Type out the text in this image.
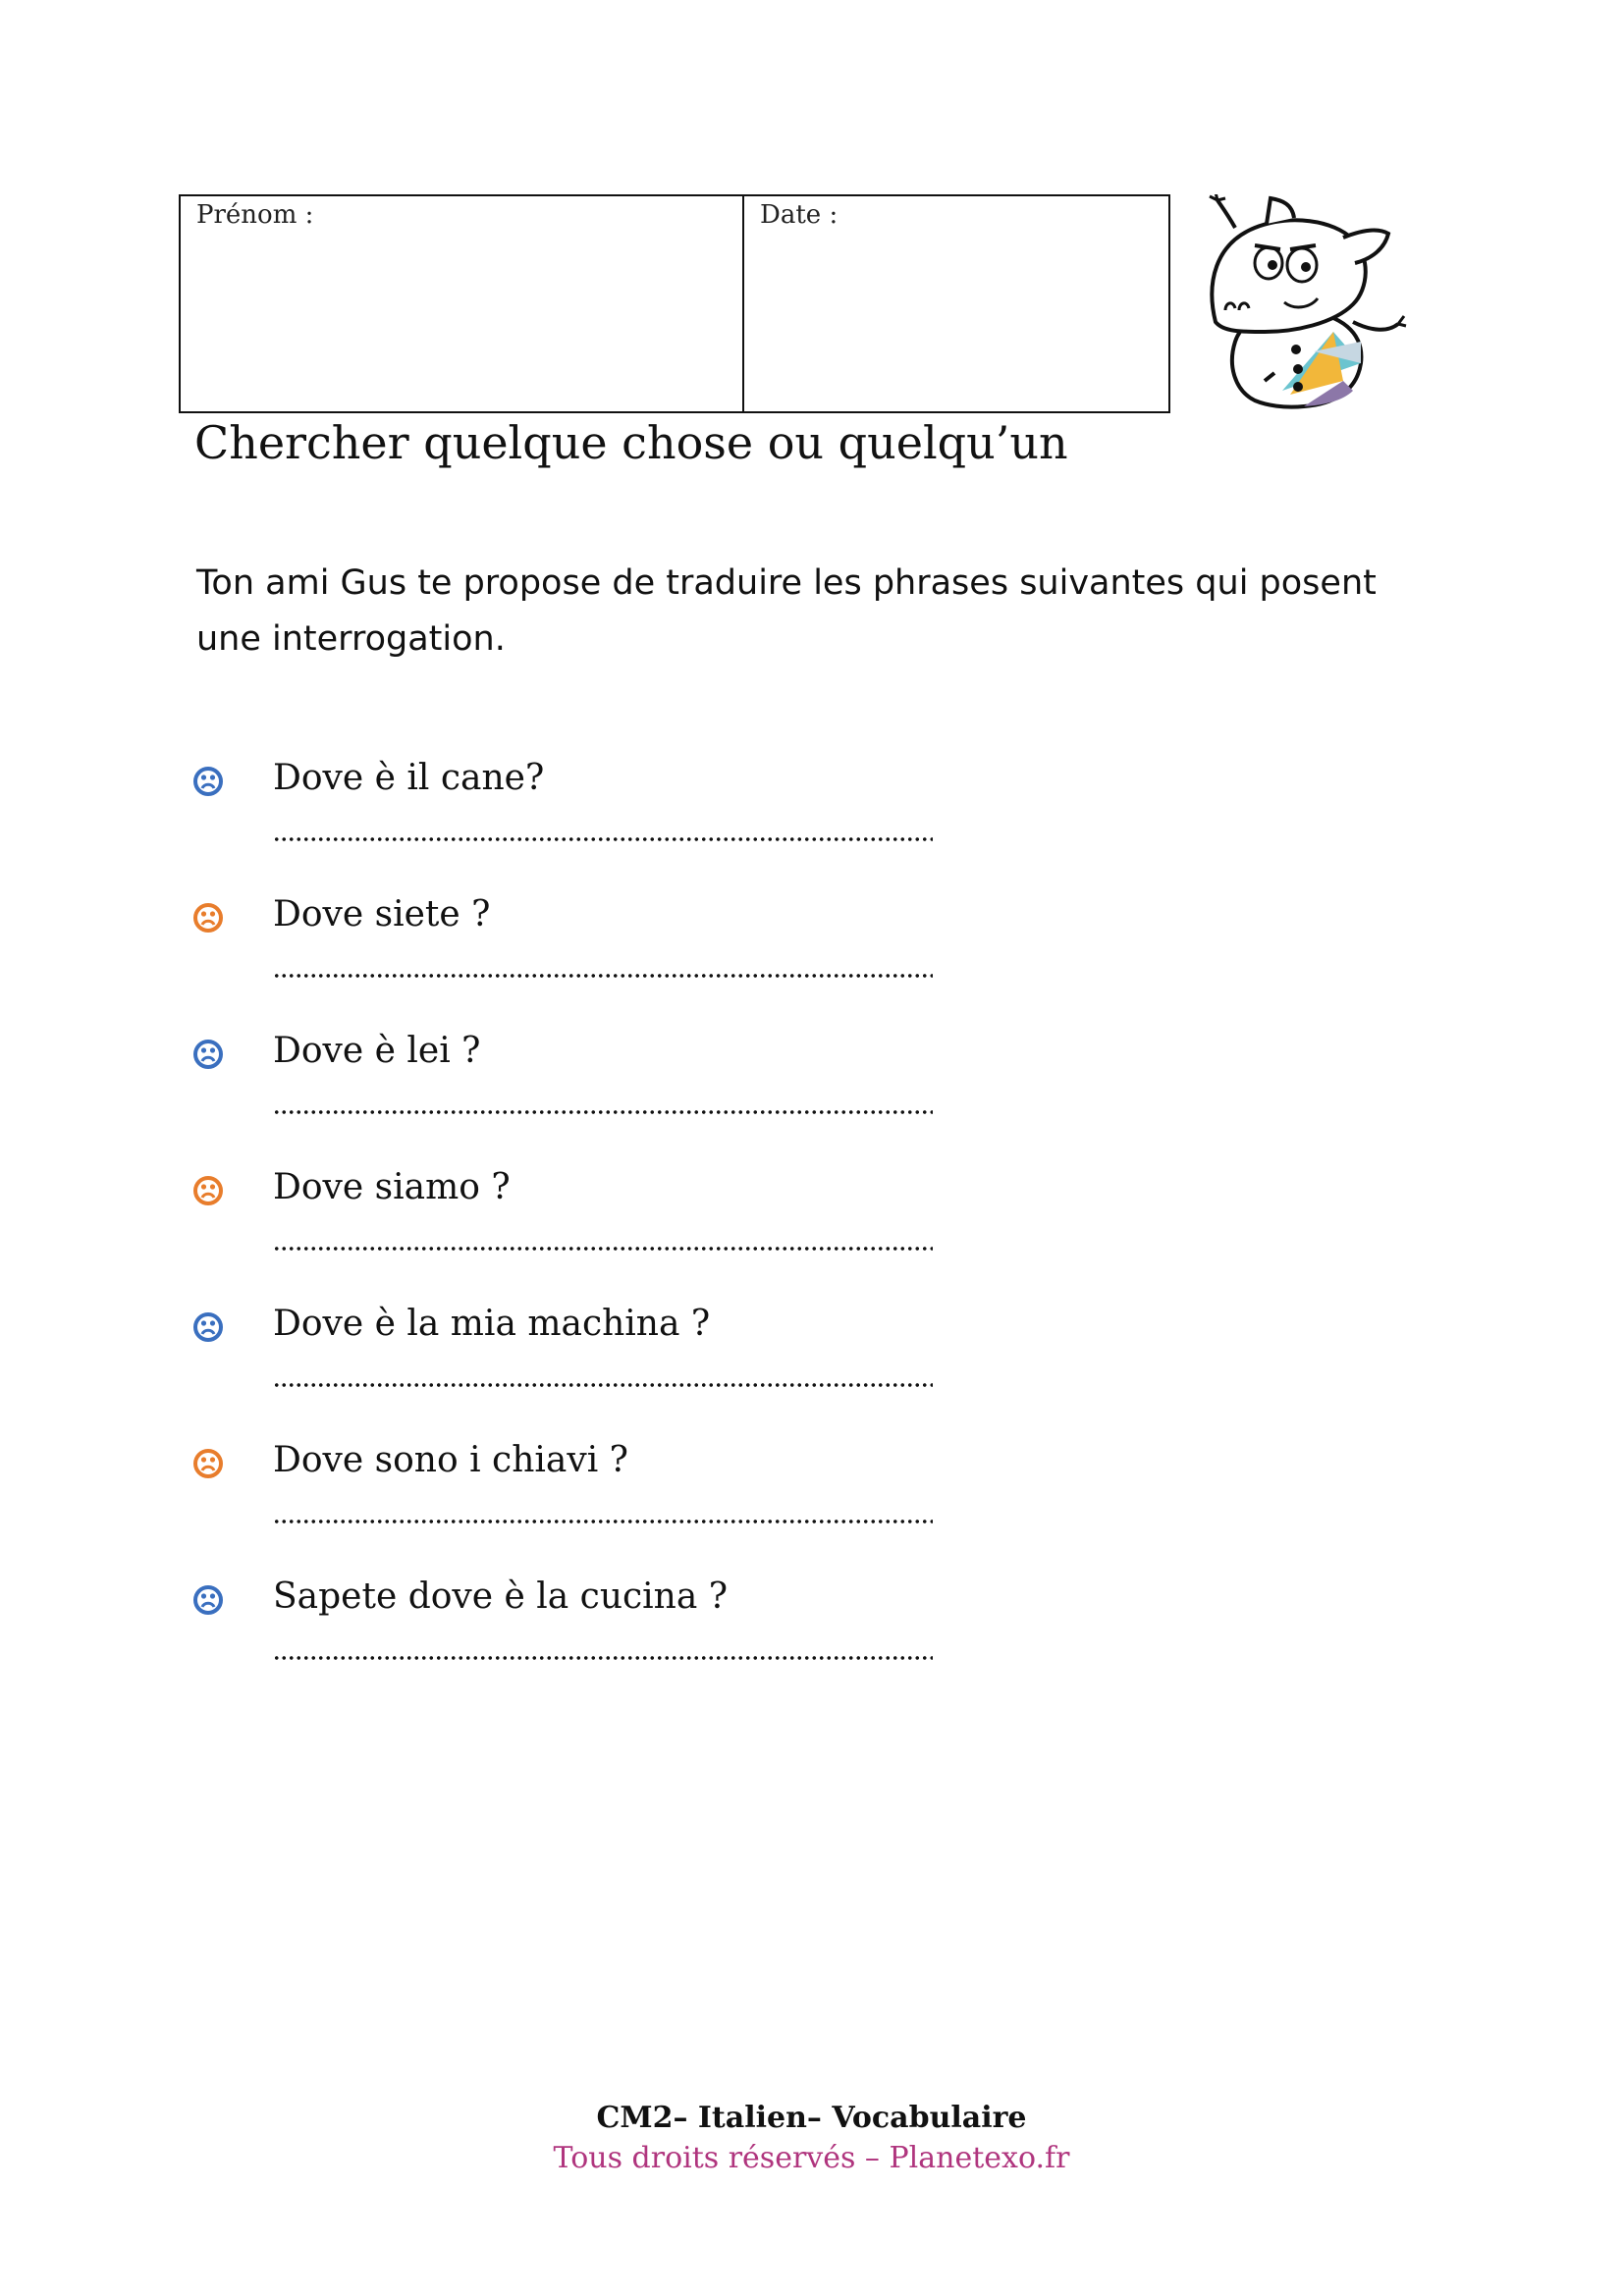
Prénom :	Date :
Chercher quelque chose ou quelqu’un
Ton ami Gus te propose de traduire les phrases suivantes qui posent une interrogation.
Dove è il cane?
Dove siete ?
Dove è lei ?
Dove siamo ?
Dove è la mia machina ?
Dove sono i chiavi ?
Sapete dove è la cucina ?
CM2– Italien– Vocabulaire
Tous droits réservés – Planetexo.fr
